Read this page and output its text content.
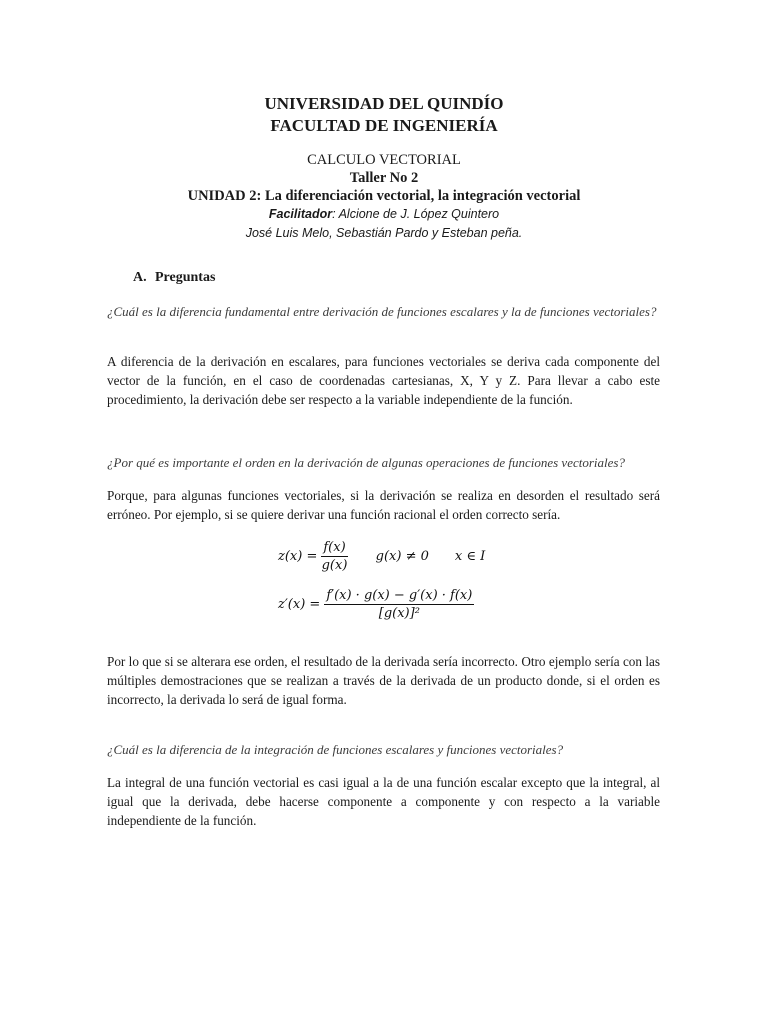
UNIVERSIDAD DEL QUINDÍO
FACULTAD DE INGENIERÍA
CALCULO VECTORIAL
Taller No 2
UNIDAD 2: La diferenciación vectorial, la integración vectorial
Facilitador: Alcione de J. López Quintero
José Luis Melo, Sebastián Pardo y Esteban peña.
A. Preguntas
¿Cuál es la diferencia fundamental entre derivación de funciones escalares y la de funciones vectoriales?
A diferencia de la derivación en escalares, para funciones vectoriales se deriva cada componente del vector de la función, en el caso de coordenadas cartesianas, X, Y y Z. Para llevar a cabo este procedimiento, la derivación debe ser respecto a la variable independiente de la función.
¿Por qué es importante el orden en la derivación de algunas operaciones de funciones vectoriales?
Porque, para algunas funciones vectoriales, si la derivación se realiza en desorden el resultado será erróneo. Por ejemplo, si se quiere derivar una función racional el orden correcto sería.
$z(x) = \frac{f(x)}{g(x)} g(x) \ne 0$ x ∈ I
$z'(x) = \frac{f'(x) \cdot g(x) - g'(x) \cdot f(x)}{\text{[g(x)]²}}$
Por lo que si se alterara ese orden, el resultado de la derivada sería incorrecto. Otro ejemplo sería con las múltiples demostraciones que se realizan a través de la derivada de un producto donde, si el orden es incorrecto, la derivada lo será de igual forma.
¿Cuál es la diferencia de la integración de funciones escalares y funciones vectoriales?
La integral de una función vectorial es casi igual a la de una función escalar excepto que la integral, al igual que la derivada, debe hacerse componente a componente y con respecto a la variable independiente de la función.
